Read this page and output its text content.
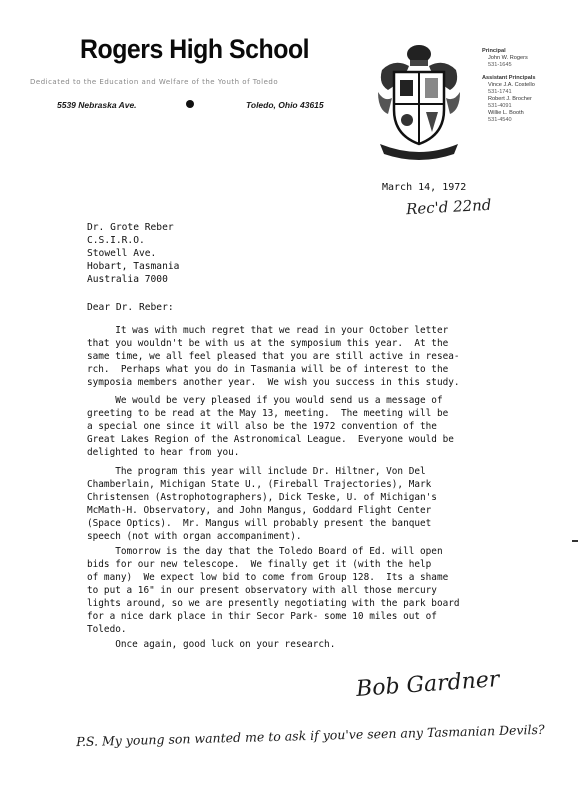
Rogers High School
Dedicated to the Education and Welfare of the Youth of Toledo
5539 Nebraska Ave.	Toledo, Ohio 43615
Principal
John W. Rogers
531-1645
Assistant Principals
Vince J.A. Costello
531-1741
Robert J. Brocher
531-4091
Willie L. Booth
531-4540
March 14, 1972
Rec'd 22nd
Dr. Grote Reber
C.S.I.R.O.
Stowell Ave.
Hobart, Tasmania
Australia 7000
Dear Dr. Reber:
It was with much regret that we read in your October letter
that you wouldn't be with us at the symposium this year.  At the
same time, we all feel pleased that you are still active in resea-
rch.  Perhaps what you do in Tasmania will be of interest to the
symposia members another year.  We wish you success in this study.
We would be very pleased if you would send us a message of
greeting to be read at the May 13, meeting.  The meeting will be
a special one since it will also be the 1972 convention of the
Great Lakes Region of the Astronomical League.  Everyone would be
delighted to hear from you.
The program this year will include Dr. Hiltner, Von Del
Chamberlain, Michigan State U., (Fireball Trajectories), Mark
Christensen (Astrophotographers), Dick Teske, U. of Michigan's
McMath-H. Observatory, and John Mangus, Goddard Flight Center
(Space Optics).  Mr. Mangus will probably present the banquet
speech (not with organ accompaniment).
Tomorrow is the day that the Toledo Board of Ed. will open
bids for our new telescope.  We finally get it (with the help
of many)  We expect low bid to come from Group 128.  Its a shame
to put a 16" in our present observatory with all those mercury
lights around, so we are presently negotiating with the park board
for a nice dark place in thir Secor Park- some 10 miles out of
Toledo.
Once again, good luck on your research.
Bob Gardner
P.S. My young son wanted me to ask if you've seen any Tasmanian Devils?
